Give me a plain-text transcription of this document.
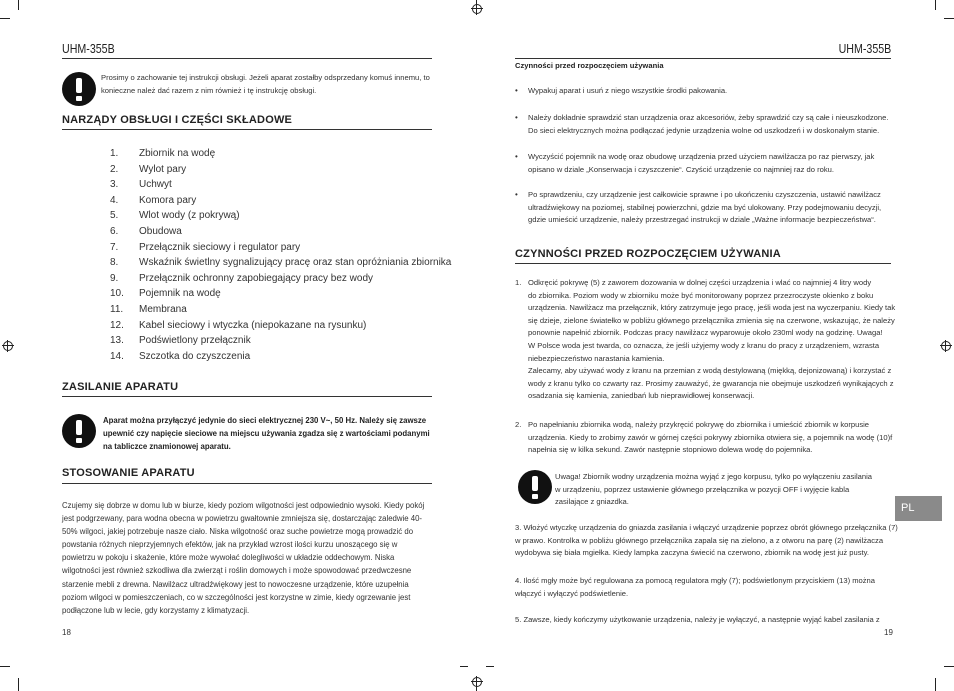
UHM-355B
Prosimy o zachowanie tej instrukcji obsługi. Jeżeli aparat zostałby odsprzedany komuś innemu, to konieczne należ dać razem z nim również i tę instrukcję obsługi.
NARZĄDY OBSŁUGI I CZĘŚCI SKŁADOWE
1.	Zbiornik na wodę
2.	Wylot pary
3.	Uchwyt
4.	Komora pary
5.	Wlot wody (z pokrywą)
6.	Obudowa
7.	Przełącznik sieciowy i regulator pary
8.	Wskaźnik świetlny sygnalizujący pracę oraz stan opróżniania zbiornika
9.	Przełącznik ochronny zapobiegający pracy bez wody
10.	Pojemnik na wodę
11.	Membrana
12.	Kabel sieciowy i wtyczka (niepokazane na rysunku)
13.	Podświetlony przełącznik
14.	Szczotka do czyszczenia
ZASILANIE APARATU
Aparat można przyłączyć jedynie do sieci elektrycznej 230 V~, 50 Hz. Należy się zawsze upewnić czy napięcie sieciowe na miejscu używania zgadza się z wartościami podanymi na tabliczce znamionowej aparatu.
STOSOWANIE APARATU
Czujemy się dobrze w domu lub w biurze, kiedy poziom wilgotności jest odpowiednio wysoki. Kiedy pokój jest podgrzewany, para wodna obecna w powietrzu gwałtownie zmniejsza się, dostarczając zaledwie 40-50% wilgoci, jakiej potrzebuje nasze ciało. Niska wilgotność oraz suche powietrze mogą prowadzić do powstania różnych nieprzyjemnych efektów, jak na przykład wzrost ilości kurzu unoszącego się w powietrzu w pokoju i skażenie, które może wywołać dolegliwości w układzie oddechowym. Niska wilgotności jest również szkodliwa dla zwierząt i roślin domowych i może spowodować przedwczesne starzenie mebli z drewna. Nawilżacz ultradźwiękowy jest to nowoczesne urządzenie, które uzupełnia poziom wilgoci w pomieszczeniach, co w szczególności jest korzystne w zimie, kiedy ogrzewanie jest podłączone lub w lecie, gdy korzystamy z klimatyzacji.
18
UHM-355B
Czynności przed rozpoczęciem używania
• Wypakuj aparat i usuń z niego wszystkie środki pakowania.
• Należy dokładnie sprawdzić stan urządzenia oraz akcesoriów, żeby sprawdzić czy są całe i nieuszkodzone. Do sieci elektrycznych można podłączać jedynie urządzenia wolne od uszkodzeń i w doskonałym stanie.
• Wyczyścić pojemnik na wodę oraz obudowę urządzenia przed użyciem nawilżacza po raz pierwszy, jak opisano w dziale „Konserwacja i czyszczenie“. Czyścić urządzenie co najmniej raz do roku.
• Po sprawdzeniu, czy urządzenie jest całkowicie sprawne i po ukończeniu czyszczenia, ustawić nawilżacz ultradźwiękowy na poziomej, stabilnej powierzchni, gdzie ma być ulokowany. Przy podejmowaniu decyzji, gdzie umieścić urządzenie, należy przestrzegać instrukcji w dziale „Ważne informacje bezpieczeństwa“.
CZYNNOŚCI PRZED ROZPOCZĘCIEM UŻYWANIA
1. Odkręcić pokrywę (5) z zaworem dozowania w dolnej części urządzenia i wlać co najmniej 4 litry wody
do zbiornika. Poziom wody w zbiorniku może być monitorowany poprzez przezroczyste okienko z boku
urządzenia. Nawilżacz ma przełącznik, który zatrzymuje jego pracę, jeśli woda jest na wyczerpaniu. Kiedy tak
się dzieje, zielone światełko w pobliżu głównego przełącznika zmienia się na czerwone, wskazując, że należy
ponownie napełnić zbiornik. Podczas pracy nawilżacz wyparowuje około 230ml wody na godzinę. Uwaga!
W Polsce woda jest twarda, co oznacza, że jeśli użyjemy wody z kranu do pracy z urządzeniem, wzrasta
niebezpieczeństwo narastania kamienia.
Zalecamy, aby używać wody z kranu na przemian z wodą destylowaną (miękką, dejonizowaną) i korzystać z
wody z kranu tylko co czwarty raz. Prosimy zauważyć, że gwarancja nie obejmuje uszkodzeń wynikających z
osadzania się kamienia, zaniedbań lub nieprawidłowej konserwacji.
2. Po napełnianiu zbiornika wodą, należy przykręcić pokrywę do zbiornika i umieścić zbiornik w korpusie
urządzenia. Kiedy to zrobimy zawór w górnej części pokrywy zbiornika otwiera się, a pojemnik na wodę (10)f
napełnia się w kilka sekund. Zawór następnie stopniowo dolewa wodę do pojemnika.
Uwaga! Zbiornik wodny urządzenia można wyjąć z jego korpusu, tylko po wyłączeniu zasilania w urządzeniu, poprzez ustawienie głównego przełącznika w pozycji OFF i wyjęcie kabla zasilające z gniazdka.
3. Włożyć wtyczkę urządzenia do gniazda zasilania i włączyć urządzenie poprzez obrót głównego przełącznika (7)
w prawo. Kontrolka w pobliżu głównego przełącznika zapala się na zielono, a z otworu na parę (2) nawilżacza
wydobywa się biała mgiełka. Kiedy lampka zaczyna świecić na czerwono, zbiornik na wodę jest już pusty.
4. Ilość mgły może być regulowana za pomocą regulatora mgły (7); podświetlonym przyciskiem (13) można
włączyć i wyłączyć podświetlenie.
5. Zawsze, kiedy kończymy użytkowanie urządzenia, należy je wyłączyć, a następnie wyjąć kabel zasilania z
19
PL
